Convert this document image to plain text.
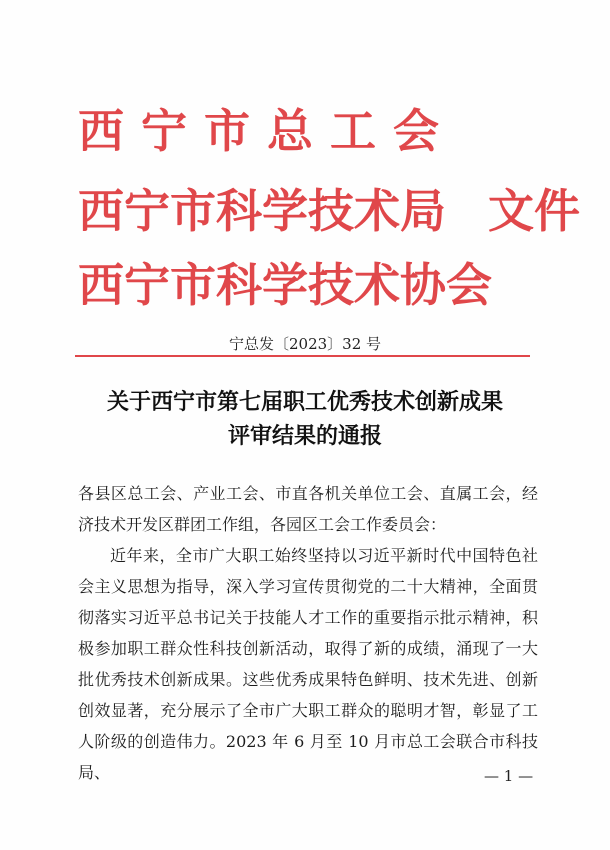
西宁市总工会
西宁市科学技术局
西宁市科学技术协会
文件
宁总发〔2023〕32 号
关于西宁市第七届职工优秀技术创新成果
评审结果的通报
各县区总工会、产业工会、市直各机关单位工会、直属工会，经济技术开发区群团工作组，各园区工会工作委员会：
近年来，全市广大职工始终坚持以习近平新时代中国特色社会主义思想为指导，深入学习宣传贯彻党的二十大精神，全面贯彻落实习近平总书记关于技能人才工作的重要指示批示精神，积极参加职工群众性科技创新活动，取得了新的成绩，涌现了一大批优秀技术创新成果。这些优秀成果特色鲜明、技术先进、创新创效显著，充分展示了全市广大职工群众的聪明才智，彰显了工人阶级的创造伟力。2023 年 6 月至 10 月市总工会联合市科技局、	— 1 —
